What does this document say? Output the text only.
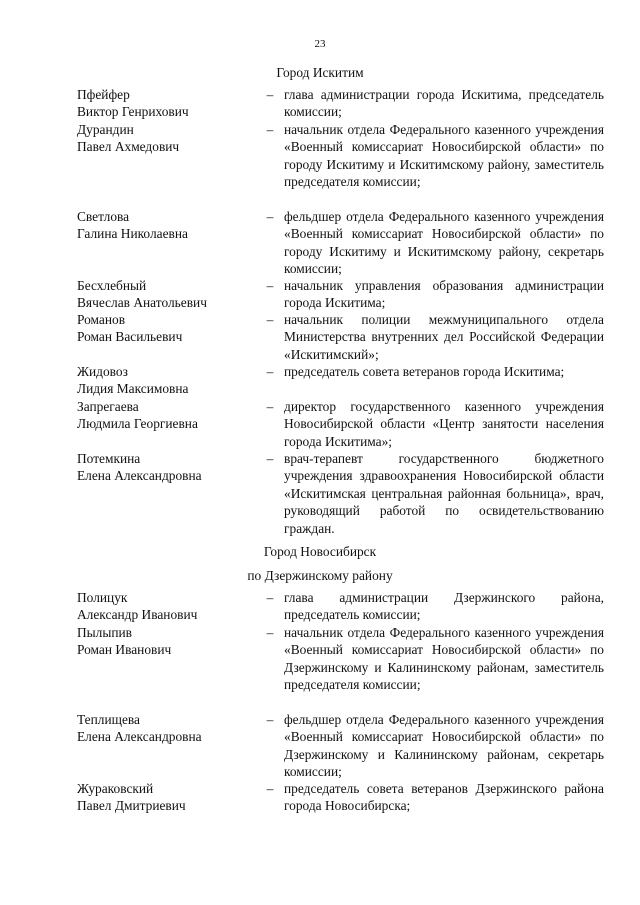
23
Город Искитим
Пфейфер
Виктор Генрихович
– глава администрации города Искитима, председатель комиссии;
Дурандин
Павел Ахмедович
– начальник отдела Федерального казенного учреждения «Военный комиссариат Новосибирской области» по городу Искитиму и Искитимскому району, заместитель председателя комиссии;
Светлова
Галина Николаевна
– фельдшер отдела Федерального казенного учреждения «Военный комиссариат Новосибирской области» по городу Искитиму и Искитимскому району, секретарь комиссии;
Бесхлебный
Вячеслав Анатольевич
– начальник управления образования администрации города Искитима;
Романов
Роман Васильевич
– начальник полиции межмуниципального отдела Министерства внутренних дел Российской Федерации «Искитимский»;
Жидовоз
Лидия Максимовна
– председатель совета ветеранов города Искитима;
Запрегаева
Людмила Георгиевна
– директор государственного казенного учреждения Новосибирской области «Центр занятости населения города Искитима»;
Потемкина
Елена Александровна
– врач-терапевт государственного бюджетного учреждения здравоохранения Новосибирской области «Искитимская центральная районная больница», врач, руководящий работой по освидетельствованию граждан.
Город Новосибирск
по Дзержинскому району
Полицук
Александр Иванович
– глава администрации Дзержинского района, председатель комиссии;
Пылыпив
Роман Иванович
– начальник отдела Федерального казенного учреждения «Военный комиссариат Новосибирской области» по Дзержинскому и Калининскому районам, заместитель председателя комиссии;
Теплищева
Елена Александровна
– фельдшер отдела Федерального казенного учреждения «Военный комиссариат Новосибирской области» по Дзержинскому и Калининскому районам, секретарь комиссии;
Жураковский
Павел Дмитриевич
– председатель совета ветеранов Дзержинского района города Новосибирска;
